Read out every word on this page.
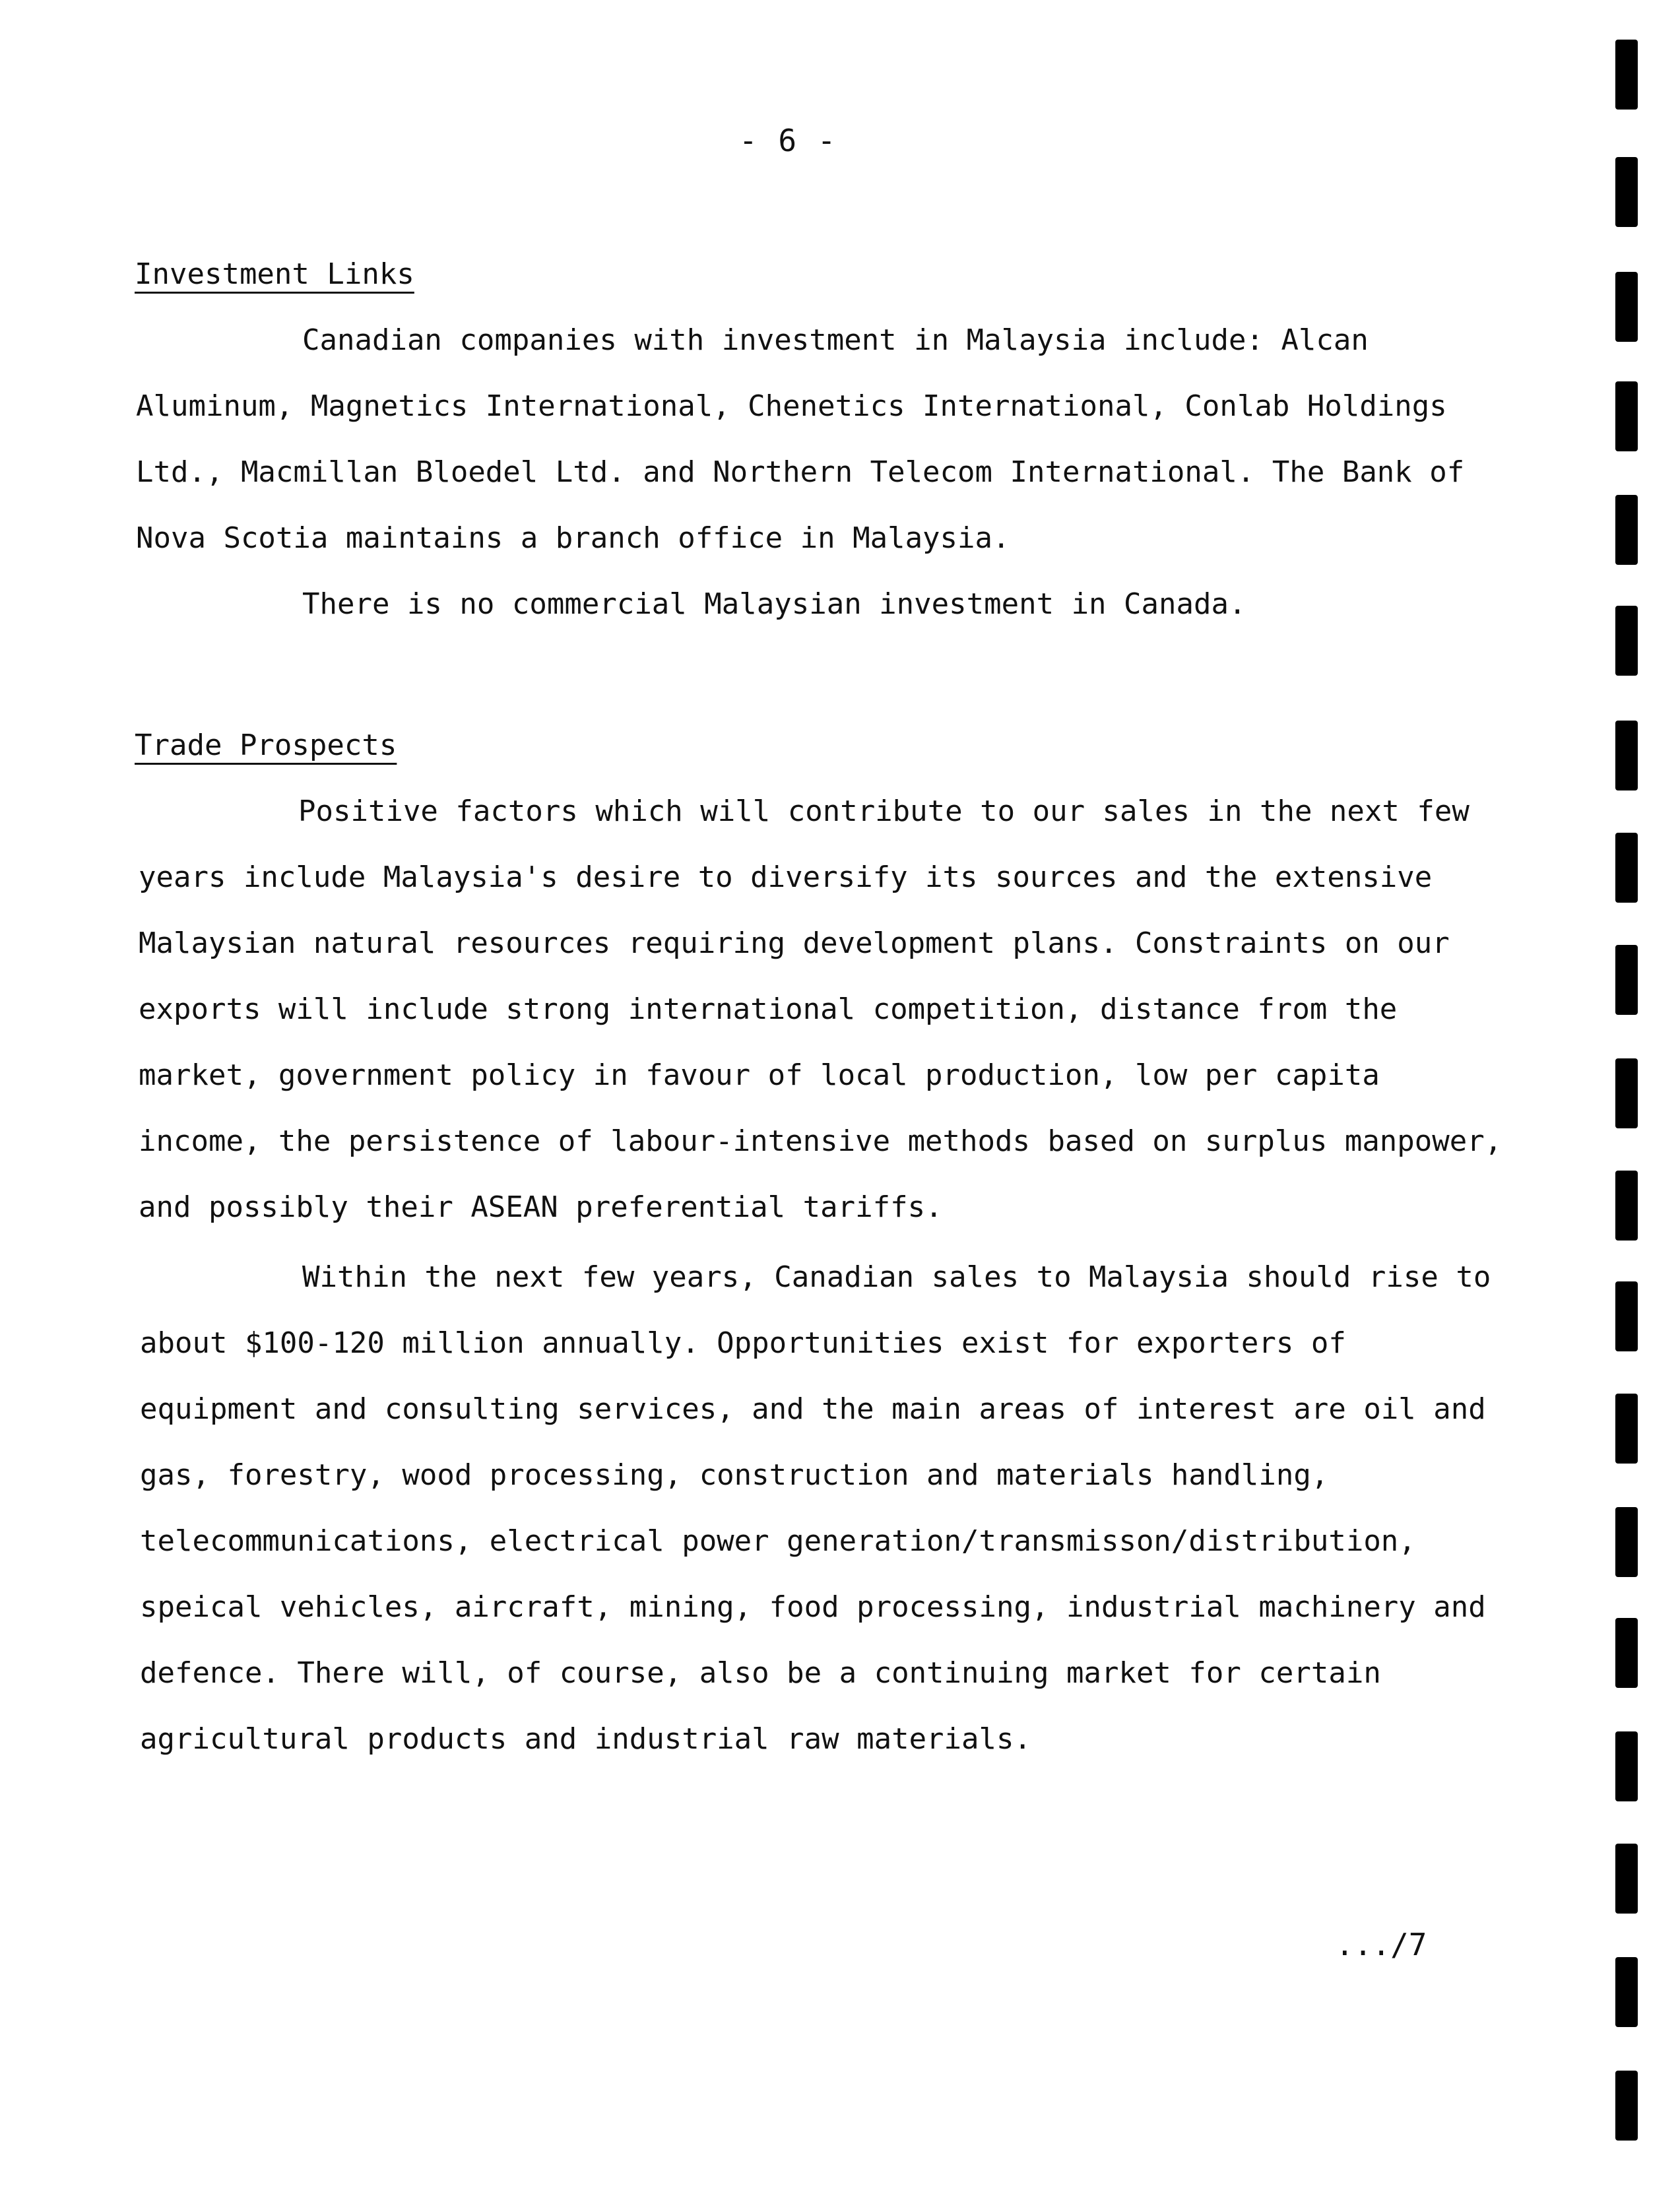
- 6 -
Investment Links
Canadian companies with investment in Malaysia include: Alcan
Aluminum, Magnetics International, Chenetics International, Conlab Holdings
Ltd., Macmillan Bloedel Ltd. and Northern Telecom International. The Bank of
Nova Scotia maintains a branch office in Malaysia.
There is no commercial Malaysian investment in Canada.
Trade Prospects
Positive factors which will contribute to our sales in the next few
years include Malaysia's desire to diversify its sources and the extensive
Malaysian natural resources requiring development plans. Constraints on our
exports will include strong international competition, distance from the
market, government policy in favour of local production, low per capita
income, the persistence of labour-intensive methods based on surplus manpower,
and possibly their ASEAN preferential tariffs.
Within the next few years, Canadian sales to Malaysia should rise to
about $100-120 million annually. Opportunities exist for exporters of
equipment and consulting services, and the main areas of interest are oil and
gas, forestry, wood processing, construction and materials handling,
telecommunications, electrical power generation/transmisson/distribution,
speical vehicles, aircraft, mining, food processing, industrial machinery and
defence. There will, of course, also be a continuing market for certain
agricultural products and industrial raw materials.
.../7
